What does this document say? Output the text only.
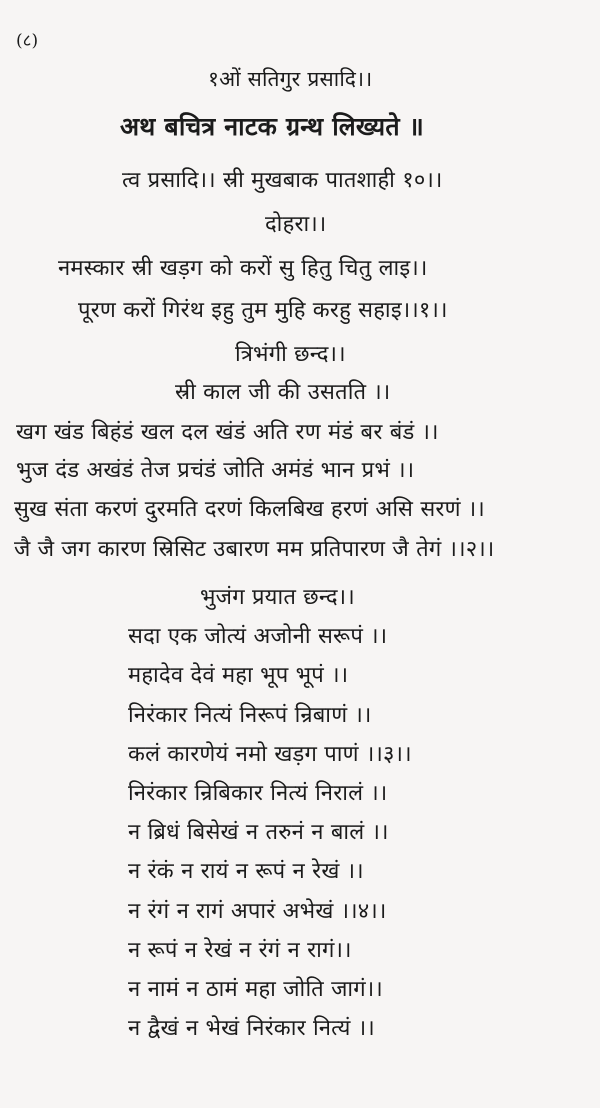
(८)
१ओं सतिगुर प्रसादि।।
अथ बचित्र नाटक ग्रन्थ लिख्यते ॥
त्व प्रसादि।। स्री मुखबाक पातशाही १०।।
दोहरा।।
नमस्कार स्री खड़ग को करों सु हितु चितु लाइ।।
पूरण करों गिरंथ इहु तुम मुहि करहु सहाइ।।१।।
त्रिभंगी छन्द।।
स्री काल जी की उसतति ।।
खग खंड बिहंडं खल दल खंडं अति रण मंडं बर बंडं ।।
भुज दंड अखंडं तेज प्रचंडं जोति अमंडं भान प्रभं ।।
सुख संता करणं दुरमति दरणं किलबिख हरणं असि सरणं ।।
जै जै जग कारण स्रिसिट उबारण मम प्रतिपारण जै तेगं ।।२।।
भुजंग प्रयात छन्द।।
सदा एक जोत्यं अजोनी सरूपं ।।
महादेव देवं महा भूप भूपं ।।
निरंकार नित्यं निरूपं न्रिबाणं ।।
कलं कारणेयं नमो खड़ग पाणं ।।३।।
निरंकार न्रिबिकार नित्यं निरालं ।।
न ब्रिधं बिसेखं न तरुनं न बालं ।।
न रंकं न रायं न रूपं न रेखं ।।
न रंगं न रागं अपारं अभेखं ।।४।।
न रूपं न रेखं न रंगं न रागं।।
न नामं न ठामं महा जोति जागं।।
न द्वैखं न भेखं निरंकार नित्यं ।।
